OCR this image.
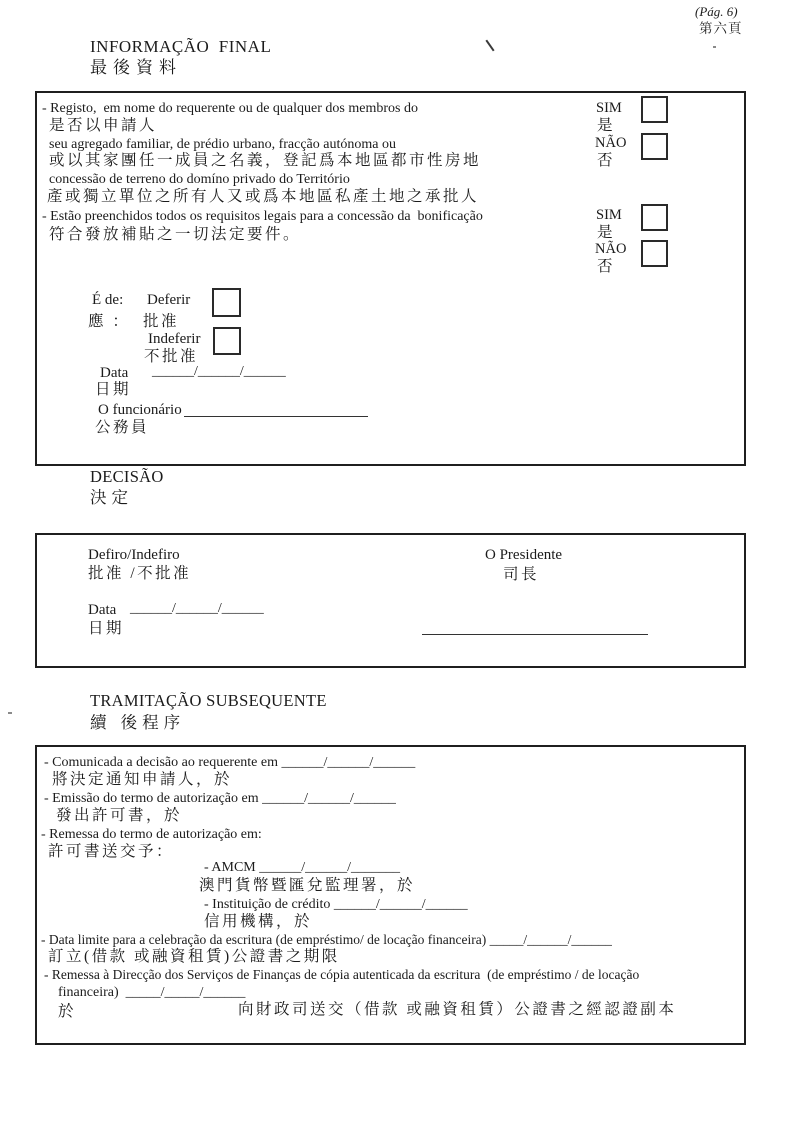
(Pág. 6)
第六頁
INFORMAÇÃO  FINAL
最後資料
- Registo,  em nome do requerente ou de qualquer dos membros do
是否以申請人
seu agregado familiar, de prédio urbano, fracção autónoma ou
或以其家團任一成員之名義，登記爲本地區都市性房地
concessão de terreno do domíno privado do Território
產或獨立單位之所有人又或爲本地區私產土地之承批人
- Estão preenchidos todos os requisitos legais para a concessão da  bonificação
符合發放補貼之一切法定要件。
SIM
是
NÃO
否
SIM
是
NÃO
否
É de: Deferir
應 ： 批准
Indeferir
不批准
Data ______/______/______
日期
O funcionário
公務員
DECISÃO
決定
Defiro/Indefiro
批准 /不批准
O Presidente
司長
Data ______/______/______
日期
TRAMITAÇÃO SUBSEQUENTE
續 後程序
- Comunicada a decisão ao requerente em ______/______/______
將決定通知申請人，於
- Emissão do termo de autorização em ______/______/______
發出許可書，於
- Remessa do termo de autorização em:
許可書送交予：
- AMCM ______/______/_______
澳門貨幣暨匯兌監理署，於
- Instituição de crédito ______/______/______
信用機構，於
- Data limite para a celebração da escritura (de empréstimo/ de locação financeira) _____/______/______
訂立(借款 或融資租賃)公證書之期限
- Remessa à Direcção dos Serviços de Finanças de cópia autenticada da escritura  (de empréstimo / de locação
financeira)  _____/_____/______
於	向財政司送交（借款 或融資租賃）公證書之經認證副本
